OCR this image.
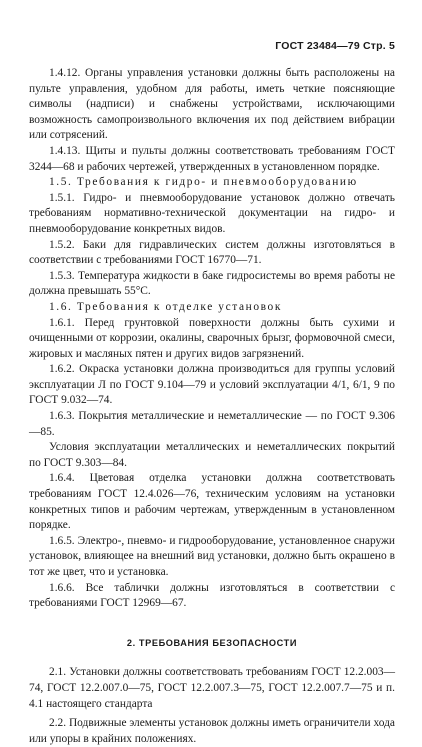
ГОСТ 23484—79 Стр. 5

1.4.12. Органы управления установки должны быть расположены на пульте управления, удобном для работы, иметь четкие поясняющие символы (надписи) и снабжены устройствами, исключающими возможность самопроизвольного включения их под действием вибрации или сотрясений.

1.4.13. Щиты и пульты должны соответствовать требованиям ГОСТ 3244—68 и рабочих чертежей, утвержденных в установленном порядке.

1.5. Требования к гидро- и пневмооборудованию

1.5.1. Гидро- и пневмооборудование установок должно отвечать требованиям нормативно-технической документации на гидро- и пневмооборудование конкретных видов.

1.5.2. Баки для гидравлических систем должны изготовляться в соответствии с требованиями ГОСТ 16770—71.

1.5.3. Температура жидкости в баке гидросистемы во время работы не должна превышать 55°С.

1.6. Требования к отделке установок

1.6.1. Перед грунтовкой поверхности должны быть сухими и очищенными от коррозии, окалины, сварочных брызг, формовочной смеси, жировых и масляных пятен и других видов загрязнений.

1.6.2. Окраска установки должна производиться для группы условий эксплуатации Л по ГОСТ 9.104—79 и условий эксплуатации 4/1, 6/1, 9 по ГОСТ 9.032—74.

1.6.3. Покрытия металлические и неметаллические — по ГОСТ 9.306—85.

Условия эксплуатации металлических и неметаллических покрытий по ГОСТ 9.303—84.

1.6.4. Цветовая отделка установки должна соответствовать требованиям ГОСТ 12.4.026—76, техническим условиям на установки конкретных типов и рабочим чертежам, утвержденным в установленном порядке.

1.6.5. Электро-, пневмо- и гидрооборудование, установленное снаружи установок, влияющее на внешний вид установки, должно быть окрашено в тот же цвет, что и установка.

1.6.6. Все таблички должны изготовляться в соответствии с требованиями ГОСТ 12969—67.

2. ТРЕБОВАНИЯ БЕЗОПАСНОСТИ

2.1. Установки должны соответствовать требованиям ГОСТ 12.2.003—74, ГОСТ 12.2.007.0—75, ГОСТ 12.2.007.3—75, ГОСТ 12.2.007.7—75 и п. 4.1 настоящего стандарта

2.2. Подвижные элементы установок должны иметь ограничители хода или упоры в крайних положениях.
